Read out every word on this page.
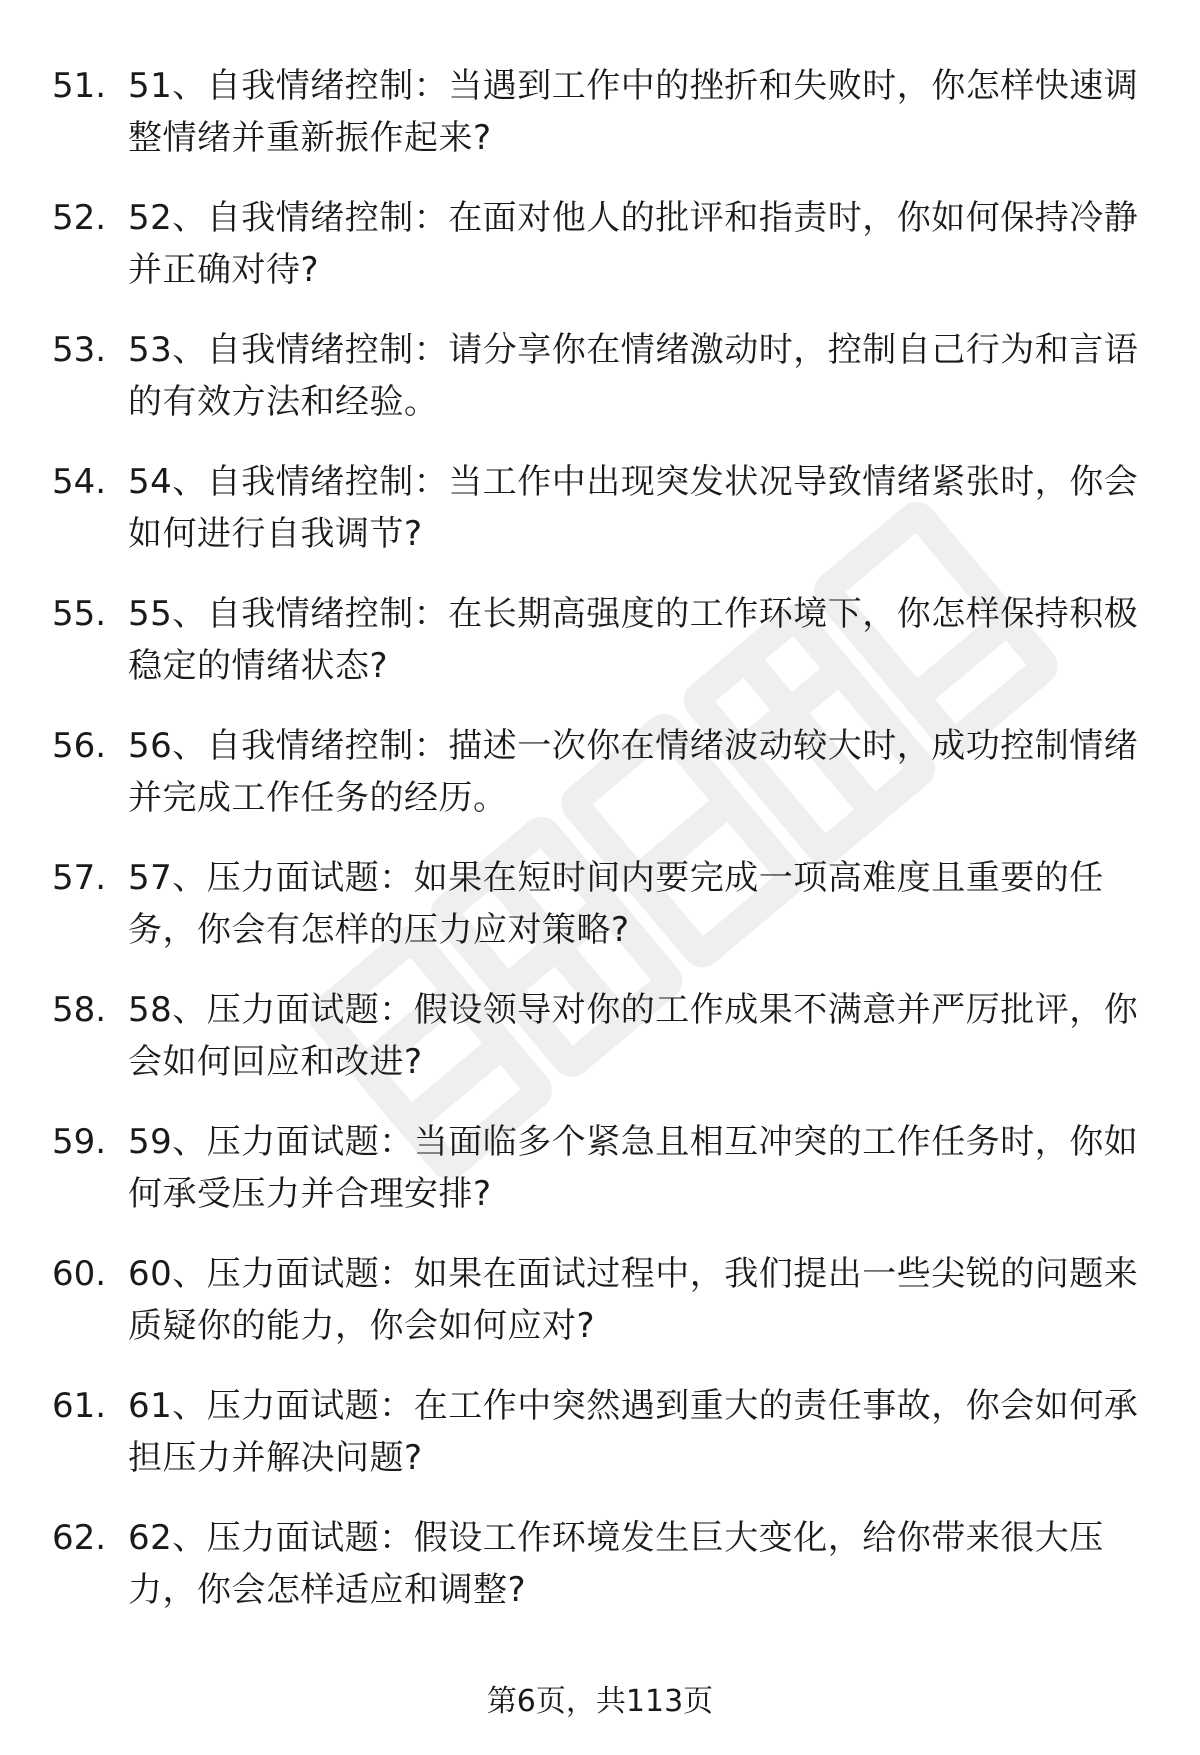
51. 51、自我情绪控制：当遇到工作中的挫折和失败时，你怎样快速调整情绪并重新振作起来?
52. 52、自我情绪控制：在面对他人的批评和指责时，你如何保持冷静并正确对待?
53. 53、自我情绪控制：请分享你在情绪激动时，控制自己行为和言语的有效方法和经验。
54. 54、自我情绪控制：当工作中出现突发状况导致情绪紧张时，你会如何进行自我调节?
55. 55、自我情绪控制：在长期高强度的工作环境下，你怎样保持积极稳定的情绪状态?
56. 56、自我情绪控制：描述一次你在情绪波动较大时，成功控制情绪并完成工作任务的经历。
57. 57、压力面试题：如果在短时间内要完成一项高难度且重要的任务，你会有怎样的压力应对策略?
58. 58、压力面试题：假设领导对你的工作成果不满意并严厉批评，你会如何回应和改进?
59. 59、压力面试题：当面临多个紧急且相互冲突的工作任务时，你如何承受压力并合理安排?
60. 60、压力面试题：如果在面试过程中，我们提出一些尖锐的问题来质疑你的能力，你会如何应对?
61. 61、压力面试题：在工作中突然遇到重大的责任事故，你会如何承担压力并解决问题?
62. 62、压力面试题：假设工作环境发生巨大变化，给你带来很大压力，你会怎样适应和调整?
第6页，共113页
